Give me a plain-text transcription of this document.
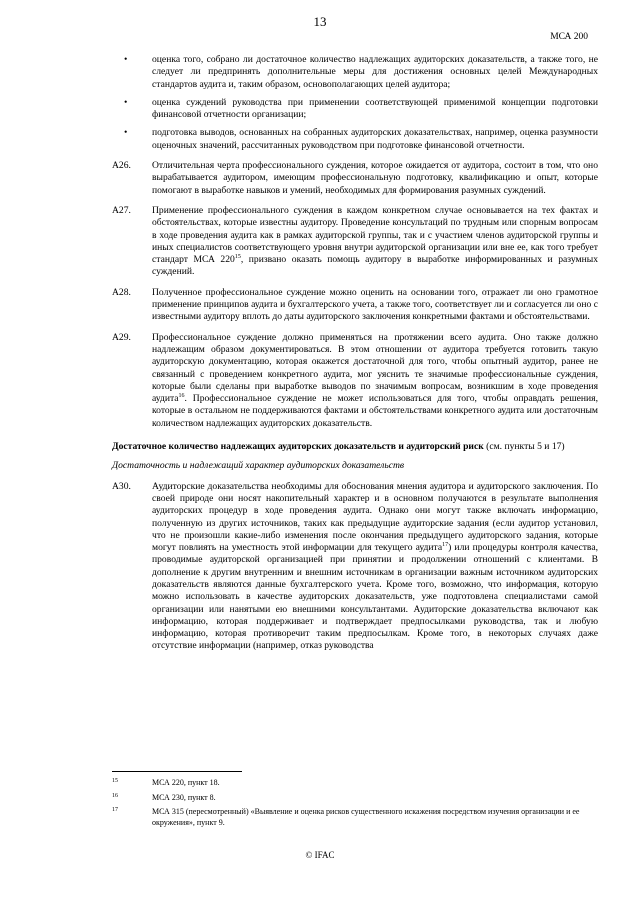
13
МСА 200
•	оценка того, собрано ли достаточное количество надлежащих аудиторских доказательств, а также того, не следует ли предпринять дополнительные меры для достижения основных целей Международных стандартов аудита и, таким образом, основополагающих целей аудитора;
•	оценка суждений руководства при применении соответствующей применимой концепции подготовки финансовой отчетности организации;
•	подготовка выводов, основанных на собранных аудиторских доказательствах, например, оценка разумности оценочных значений, рассчитанных руководством при подготовке финансовой отчетности.
A26. Отличительная черта профессионального суждения, которое ожидается от аудитора, состоит в том, что оно вырабатывается аудитором, имеющим профессиональную подготовку, квалификацию и опыт, которые помогают в выработке навыков и умений, необходимых для формирования разумных суждений.
A27. Применение профессионального суждения в каждом конкретном случае основывается на тех фактах и обстоятельствах, которые известны аудитору. Проведение консультаций по трудным или спорным вопросам в ходе проведения аудита как в рамках аудиторской группы, так и с участием членов аудиторской группы и иных специалистов соответствующего уровня внутри аудиторской организации или вне ее, как того требует стандарт МСА $220^{15}$, призвано оказать помощь аудитору в выработке информированных и разумных суждений.
A28. Полученное профессиональное суждение можно оценить на основании того, отражает ли оно грамотное применение принципов аудита и бухгалтерского учета, а также того, соответствует ли и согласуется ли оно с известными аудитору вплоть до даты аудиторского заключения конкретными фактами и обстоятельствами.
A29. Профессиональное суждение должно применяться на протяжении всего аудита. Оно также должно надлежащим образом документироваться. В этом отношении от аудитора требуется готовить такую аудиторскую документацию, которая окажется достаточной для того, чтобы опытный аудитор, ранее не связанный с проведением конкретного аудита, мог уяснить те значимые профессиональные суждения, которые были сделаны при выработке выводов по значимым вопросам, возникшим в ходе проведения аудита$^{16}$. Профессиональное суждение не может использоваться для того, чтобы оправдать решения, которые в остальном не поддерживаются фактами и обстоятельствами конкретного аудита или достаточным количеством надлежащих аудиторских доказательств.
Достаточное количество надлежащих аудиторских доказательств и аудиторский риск (см. пункты 5 и 17)
Достаточность и надлежащий характер аудиторских доказательств
A30. Аудиторские доказательства необходимы для обоснования мнения аудитора и аудиторского заключения. По своей природе они носят накопительный характер и в основном получаются в результате выполнения аудиторских процедур в ходе проведения аудита. Однако они могут также включать информацию, полученную из других источников, таких как предыдущие аудиторские задания (если аудитор установил, что не произошли какие-либо изменения после окончания предыдущего аудиторского задания, которые могут повлиять на уместность этой информации для текущего аудита$^{17}$) или процедуры контроля качества, проводимые аудиторской организацией при принятии и продолжении отношений с клиентами. В дополнение к другим внутренним и внешним источникам в организации важным источником аудиторских доказательств являются данные бухгалтерского учета. Кроме того, возможно, что информация, которую можно использовать в качестве аудиторских доказательств, уже подготовлена специалистами самой организации или нанятыми ею внешними консультантами. Аудиторские доказательства включают как информацию, которая поддерживает и подтверждает предпосылками руководства, так и любую информацию, которая противоречит таким предпосылкам. Кроме того, в некоторых случаях даже отсутствие информации (например, отказ руководства
15	МСА 220, пункт 18.
16	МСА 230, пункт 8.
17	МСА 315 (пересмотренный) «Выявление и оценка рисков существенного искажения посредством изучения организации и ее окружения», пункт 9.
© IFAC
